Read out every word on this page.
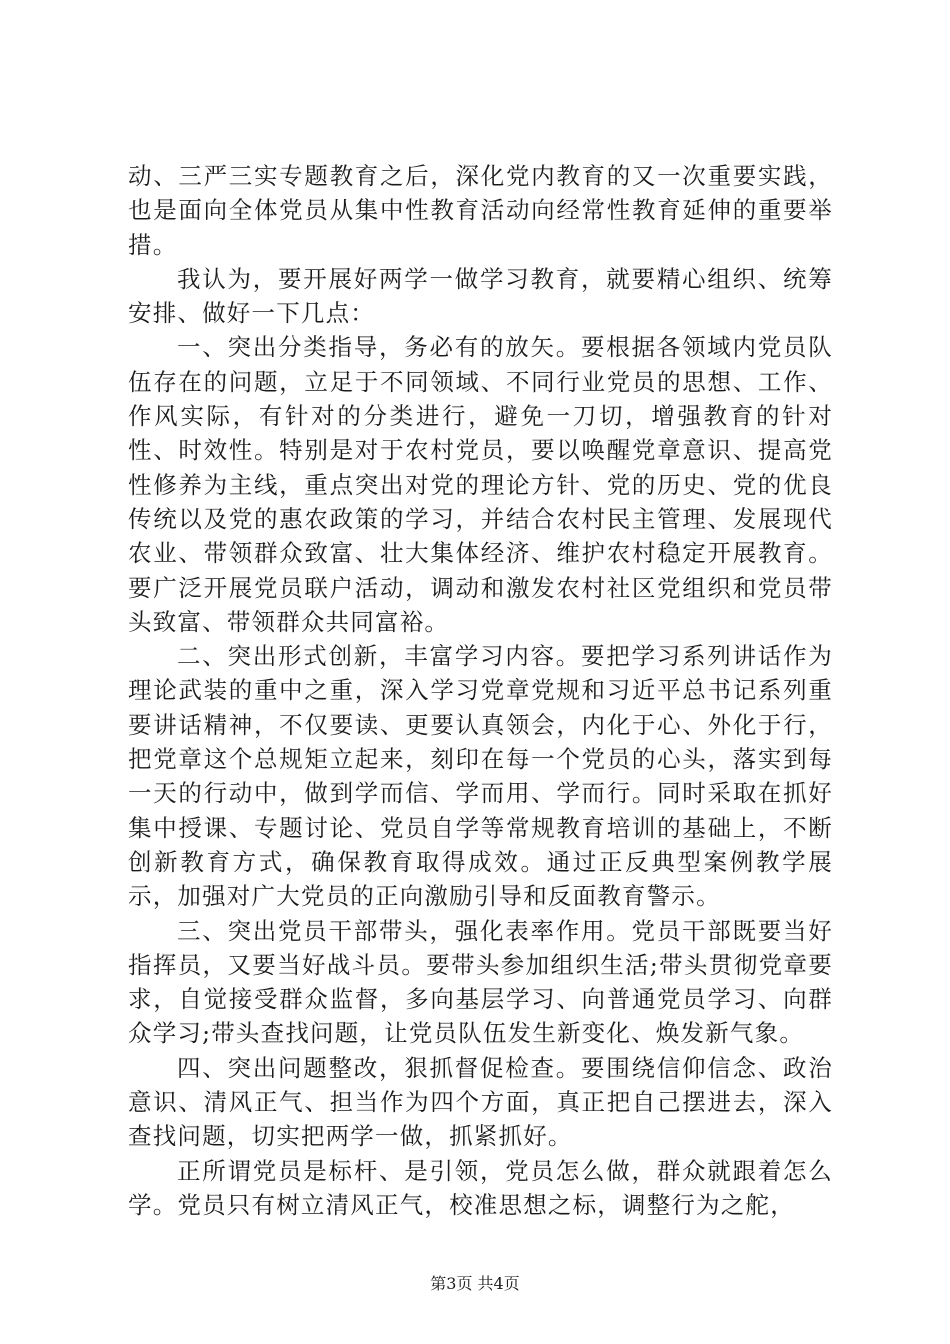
动、三严三实专题教育之后，深化党内教育的又一次重要实践，也是面向全体党员从集中性教育活动向经常性教育延伸的重要举措。

我认为，要开展好两学一做学习教育，就要精心组织、统筹安排、做好一下几点：

一、突出分类指导，务必有的放矢。要根据各领域内党员队伍存在的问题，立足于不同领域、不同行业党员的思想、工作、作风实际，有针对的分类进行，避免一刀切，增强教育的针对性、时效性。特别是对于农村党员，要以唤醒党章意识、提高党性修养为主线，重点突出对党的理论方针、党的历史、党的优良传统以及党的惠农政策的学习，并结合农村民主管理、发展现代农业、带领群众致富、壮大集体经济、维护农村稳定开展教育。要广泛开展党员联户活动，调动和激发农村社区党组织和党员带头致富、带领群众共同富裕。

二、突出形式创新，丰富学习内容。要把学习系列讲话作为理论武装的重中之重，深入学习党章党规和习近平总书记系列重要讲话精神，不仅要读、更要认真领会，内化于心、外化于行，把党章这个总规矩立起来，刻印在每一个党员的心头，落实到每一天的行动中，做到学而信、学而用、学而行。同时采取在抓好集中授课、专题讨论、党员自学等常规教育培训的基础上，不断创新教育方式，确保教育取得成效。通过正反典型案例教学展示，加强对广大党员的正向激励引导和反面教育警示。

三、突出党员干部带头，强化表率作用。党员干部既要当好指挥员，又要当好战斗员。要带头参加组织生活;带头贯彻党章要求，自觉接受群众监督，多向基层学习、向普通党员学习、向群众学习;带头查找问题，让党员队伍发生新变化、焕发新气象。

四、突出问题整改，狠抓督促检查。要围绕信仰信念、政治意识、清风正气、担当作为四个方面，真正把自己摆进去，深入查找问题，切实把两学一做，抓紧抓好。

正所谓党员是标杆、是引领，党员怎么做，群众就跟着怎么学。党员只有树立清风正气，校准思想之标，调整行为之舵，

第3页 共4页
